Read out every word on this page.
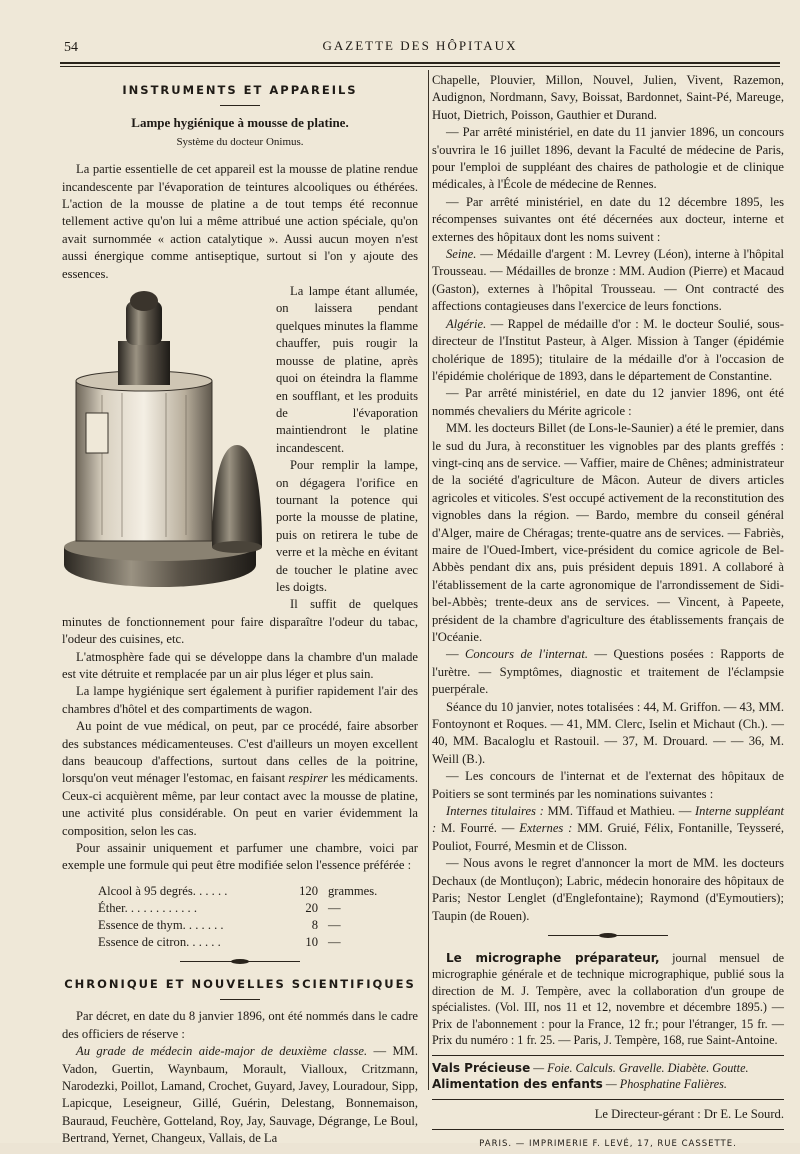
54	GAZETTE DES HÔPITAUX
INSTRUMENTS ET APPAREILS
Lampe hygiénique à mousse de platine.
Système du docteur Onimus.

La partie essentielle de cet appareil est la mousse de platine rendue incandescente par l'évaporation de teintures alcooliques ou éthérées. L'action de la mousse de platine a de tout temps été reconnue tellement active qu'on lui a même attribué une action spéciale, qu'on avait surnommée « action catalytique ». Aussi aucun moyen n'est aussi énergique comme antiseptique, surtout si l'on y ajoute des essences.

La lampe étant allumée, on laissera pendant quelques minutes la flamme chauffer, puis rougir la mousse de platine, après quoi on éteindra la flamme en soufflant, et les produits de l'évaporation maintiendront le platine incandescent.

Pour remplir la lampe, on dégagera l'orifice en tournant la potence qui porte la mousse de platine, puis on retirera le tube de verre et la mèche en évitant de toucher le platine avec les doigts.

Il suffit de quelques minutes de fonctionnement pour faire disparaître l'odeur du tabac, l'odeur des cuisines, etc.

L'atmosphère fade qui se développe dans la chambre d'un malade est vite détruite et remplacée par un air plus léger et plus sain.

La lampe hygiénique sert également à purifier rapidement l'air des chambres d'hôtel et des compartiments de wagon.

Au point de vue médical, on peut, par ce procédé, faire absorber des substances médicamenteuses. C'est d'ailleurs un moyen excellent dans beaucoup d'affections, surtout dans celles de la poitrine, lorsqu'on veut ménager l'estomac, en faisant respirer les médicaments. Ceux-ci acquièrent même, par leur contact avec la mousse de platine, une activité plus considérable. On peut en varier évidemment la composition, selon les cas.

Pour assainir uniquement et parfumer une chambre, voici par exemple une formule qui peut être modifiée selon l'essence préférée :

Alcool à 95 degrés. . . . . .	120	grammes.
Éther. . . . . . . . . . . .	20	—
Essence de thym. . . . . . .	8	—
Essence de citron. . . . . .	10	—
CHRONIQUE ET NOUVELLES SCIENTIFIQUES

Par décret, en date du 8 janvier 1896, ont été nommés dans le cadre des officiers de réserve :

Au grade de médecin aide-major de deuxième classe. — MM. Vadon, Guertin, Waynbaum, Morault, Vialloux, Critzmann, Narodezki, Poillot, Lamand, Crochet, Guyard, Javey, Louradour, Sipp, Lapicque, Leseigneur, Gillé, Guérin, Delestang, Bonnemaison, Bauraud, Feuchère, Gotteland, Roy, Jay, Sauvage, Dégrange, Le Boul, Bertrand, Yernet, Changeux, Vallais, de La

Chapelle, Plouvier, Millon, Nouvel, Julien, Vivent, Razemon, Audignon, Nordmann, Savy, Boissat, Bardonnet, Saint-Pé, Mareuge, Huot, Dietrich, Poisson, Gauthier et Durand.

— Par arrêté ministériel, en date du 11 janvier 1896, un concours s'ouvrira le 16 juillet 1896, devant la Faculté de médecine de Paris, pour l'emploi de suppléant des chaires de pathologie et de clinique médicales, à l'École de médecine de Rennes.

— Par arrêté ministériel, en date du 12 décembre 1895, les récompenses suivantes ont été décernées aux docteur, interne et externes des hôpitaux dont les noms suivent :

Seine. — Médaille d'argent : M. Levrey (Léon), interne à l'hôpital Trousseau. — Médailles de bronze : MM. Audion (Pierre) et Macaud (Gaston), externes à l'hôpital Trousseau. — Ont contracté des affections contagieuses dans l'exercice de leurs fonctions.

Algérie. — Rappel de médaille d'or : M. le docteur Soulié, sous-directeur de l'Institut Pasteur, à Alger. Mission à Tanger (épidémie cholérique de 1895); titulaire de la médaille d'or à l'occasion de l'épidémie cholérique de 1893, dans le département de Constantine.

— Par arrêté ministériel, en date du 12 janvier 1896, ont été nommés chevaliers du Mérite agricole :

MM. les docteurs Billet (de Lons-le-Saunier) a été le premier, dans le sud du Jura, à reconstituer les vignobles par des plants greffés : vingt-cinq ans de service. — Vaffier, maire de Chênes; administrateur de la société d'agriculture de Mâcon. Auteur de divers articles agricoles et viticoles. S'est occupé activement de la reconstitution des vignobles dans la région. — Bardo, membre du conseil général d'Alger, maire de Chéragas; trente-quatre ans de services. — Fabriès, maire de l'Oued-Imbert, vice-président du comice agricole de Bel-Abbès pendant dix ans, puis président depuis 1891. A collaboré à l'établissement de la carte agronomique de l'arrondissement de Sidi-bel-Abbès; trente-deux ans de services. — Vincent, à Papeete, président de la chambre d'agriculture des établissements français de l'Océanie.

— Concours de l'internat. — Questions posées : Rapports de l'urètre. — Symptômes, diagnostic et traitement de l'éclampsie puerpérale.

Séance du 10 janvier, notes totalisées : 44, M. Griffon. — 43, MM. Fontoynont et Roques. — 41, MM. Clerc, Iselin et Michaut (Ch.). — 40, MM. Bacaloglu et Rastouil. — 37, M. Drouard. — — 36, M. Weill (B.).

— Les concours de l'internat et de l'externat des hôpitaux de Poitiers se sont terminés par les nominations suivantes :

Internes titulaires : MM. Tiffaud et Mathieu. — Interne suppléant : M. Fourré. — Externes : MM. Gruié, Félix, Fontanille, Teysseré, Pouliot, Fourré, Mesmin et de Clisson.

— Nous avons le regret d'annoncer la mort de MM. les docteurs Dechaux (de Montluçon); Labric, médecin honoraire des hôpitaux de Paris; Nestor Lenglet (d'Englefontaine); Raymond (d'Eymoutiers); Taupin (de Rouen).

Le micrographe préparateur, journal mensuel de micrographie générale et de technique micrographique, publié sous la direction de M. J. Tempère, avec la collaboration d'un groupe de spécialistes. (Vol. III, nos 11 et 12, novembre et décembre 1895.) — Prix de l'abonnement : pour la France, 12 fr.; pour l'étranger, 15 fr. — Prix du numéro : 1 fr. 25. — Paris, J. Tempère, 168, rue Saint-Antoine.

Vals Précieuse — Foie. Calculs. Gravelle. Diabète. Goutte.
Alimentation des enfants — Phosphatine Falières.
Le Directeur-gérant : Dr E. Le Sourd.
PARIS. — IMPRIMERIE F. LEVÉ, 17, RUE CASSETTE.
